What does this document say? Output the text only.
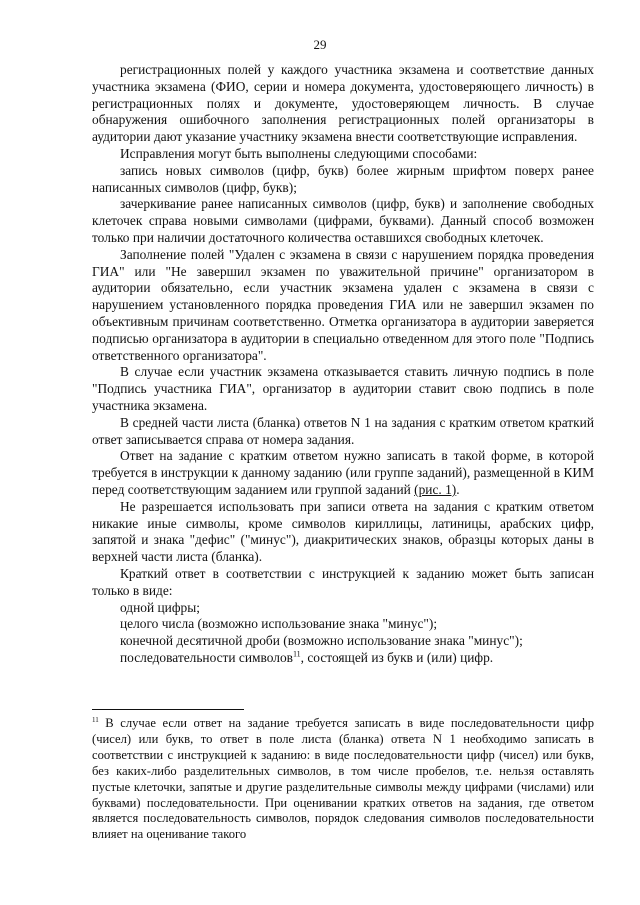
29

регистрационных полей у каждого участника экзамена и соответствие данных участника экзамена (ФИО, серии и номера документа, удостоверяющего личность) в регистрационных полях и документе, удостоверяющем личность. В случае обнаружения ошибочного заполнения регистрационных полей организаторы в аудитории дают указание участнику экзамена внести соответствующие исправления.

Исправления могут быть выполнены следующими способами:

запись новых символов (цифр, букв) более жирным шрифтом поверх ранее написанных символов (цифр, букв);

зачеркивание ранее написанных символов (цифр, букв) и заполнение свободных клеточек справа новыми символами (цифрами, буквами). Данный способ возможен только при наличии достаточного количества оставшихся свободных клеточек.

Заполнение полей "Удален с экзамена в связи с нарушением порядка проведения ГИА" или "Не завершил экзамен по уважительной причине" организатором в аудитории обязательно, если участник экзамена удален с экзамена в связи с нарушением установленного порядка проведения ГИА или не завершил экзамен по объективным причинам соответственно. Отметка организатора в аудитории заверяется подписью организатора в аудитории в специально отведенном для этого поле "Подпись ответственного организатора".

В случае если участник экзамена отказывается ставить личную подпись в поле "Подпись участника ГИА", организатор в аудитории ставит свою подпись в поле участника экзамена.

В средней части листа (бланка) ответов N 1 на задания с кратким ответом краткий ответ записывается справа от номера задания.

Ответ на задание с кратким ответом нужно записать в такой форме, в которой требуется в инструкции к данному заданию (или группе заданий), размещенной в КИМ перед соответствующим заданием или группой заданий (рис. 1).

Не разрешается использовать при записи ответа на задания с кратким ответом никакие иные символы, кроме символов кириллицы, латиницы, арабских цифр, запятой и знака "дефис" ("минус"), диакритических знаков, образцы которых даны в верхней части листа (бланка).

Краткий ответ в соответствии с инструкцией к заданию может быть записан только в виде:

одной цифры;

целого числа (возможно использование знака "минус");

конечной десятичной дроби (возможно использование знака "минус");

последовательности символов$^{11}$, состоящей из букв и (или) цифр.

$^{11}$ В случае если ответ на задание требуется записать в виде последовательности цифр (чисел) или букв, то ответ в поле листа (бланка) ответа N 1 необходимо записать в соответствии с инструкцией к заданию: в виде последовательности цифр (чисел) или букв, без каких-либо разделительных символов, в том числе пробелов, т.е. нельзя оставлять пустые клеточки, запятые и другие разделительные символы между цифрами (числами) или буквами) последовательности. При оценивании кратких ответов на задания, где ответом является последовательность символов, порядок следования символов последовательности влияет на оценивание такого
